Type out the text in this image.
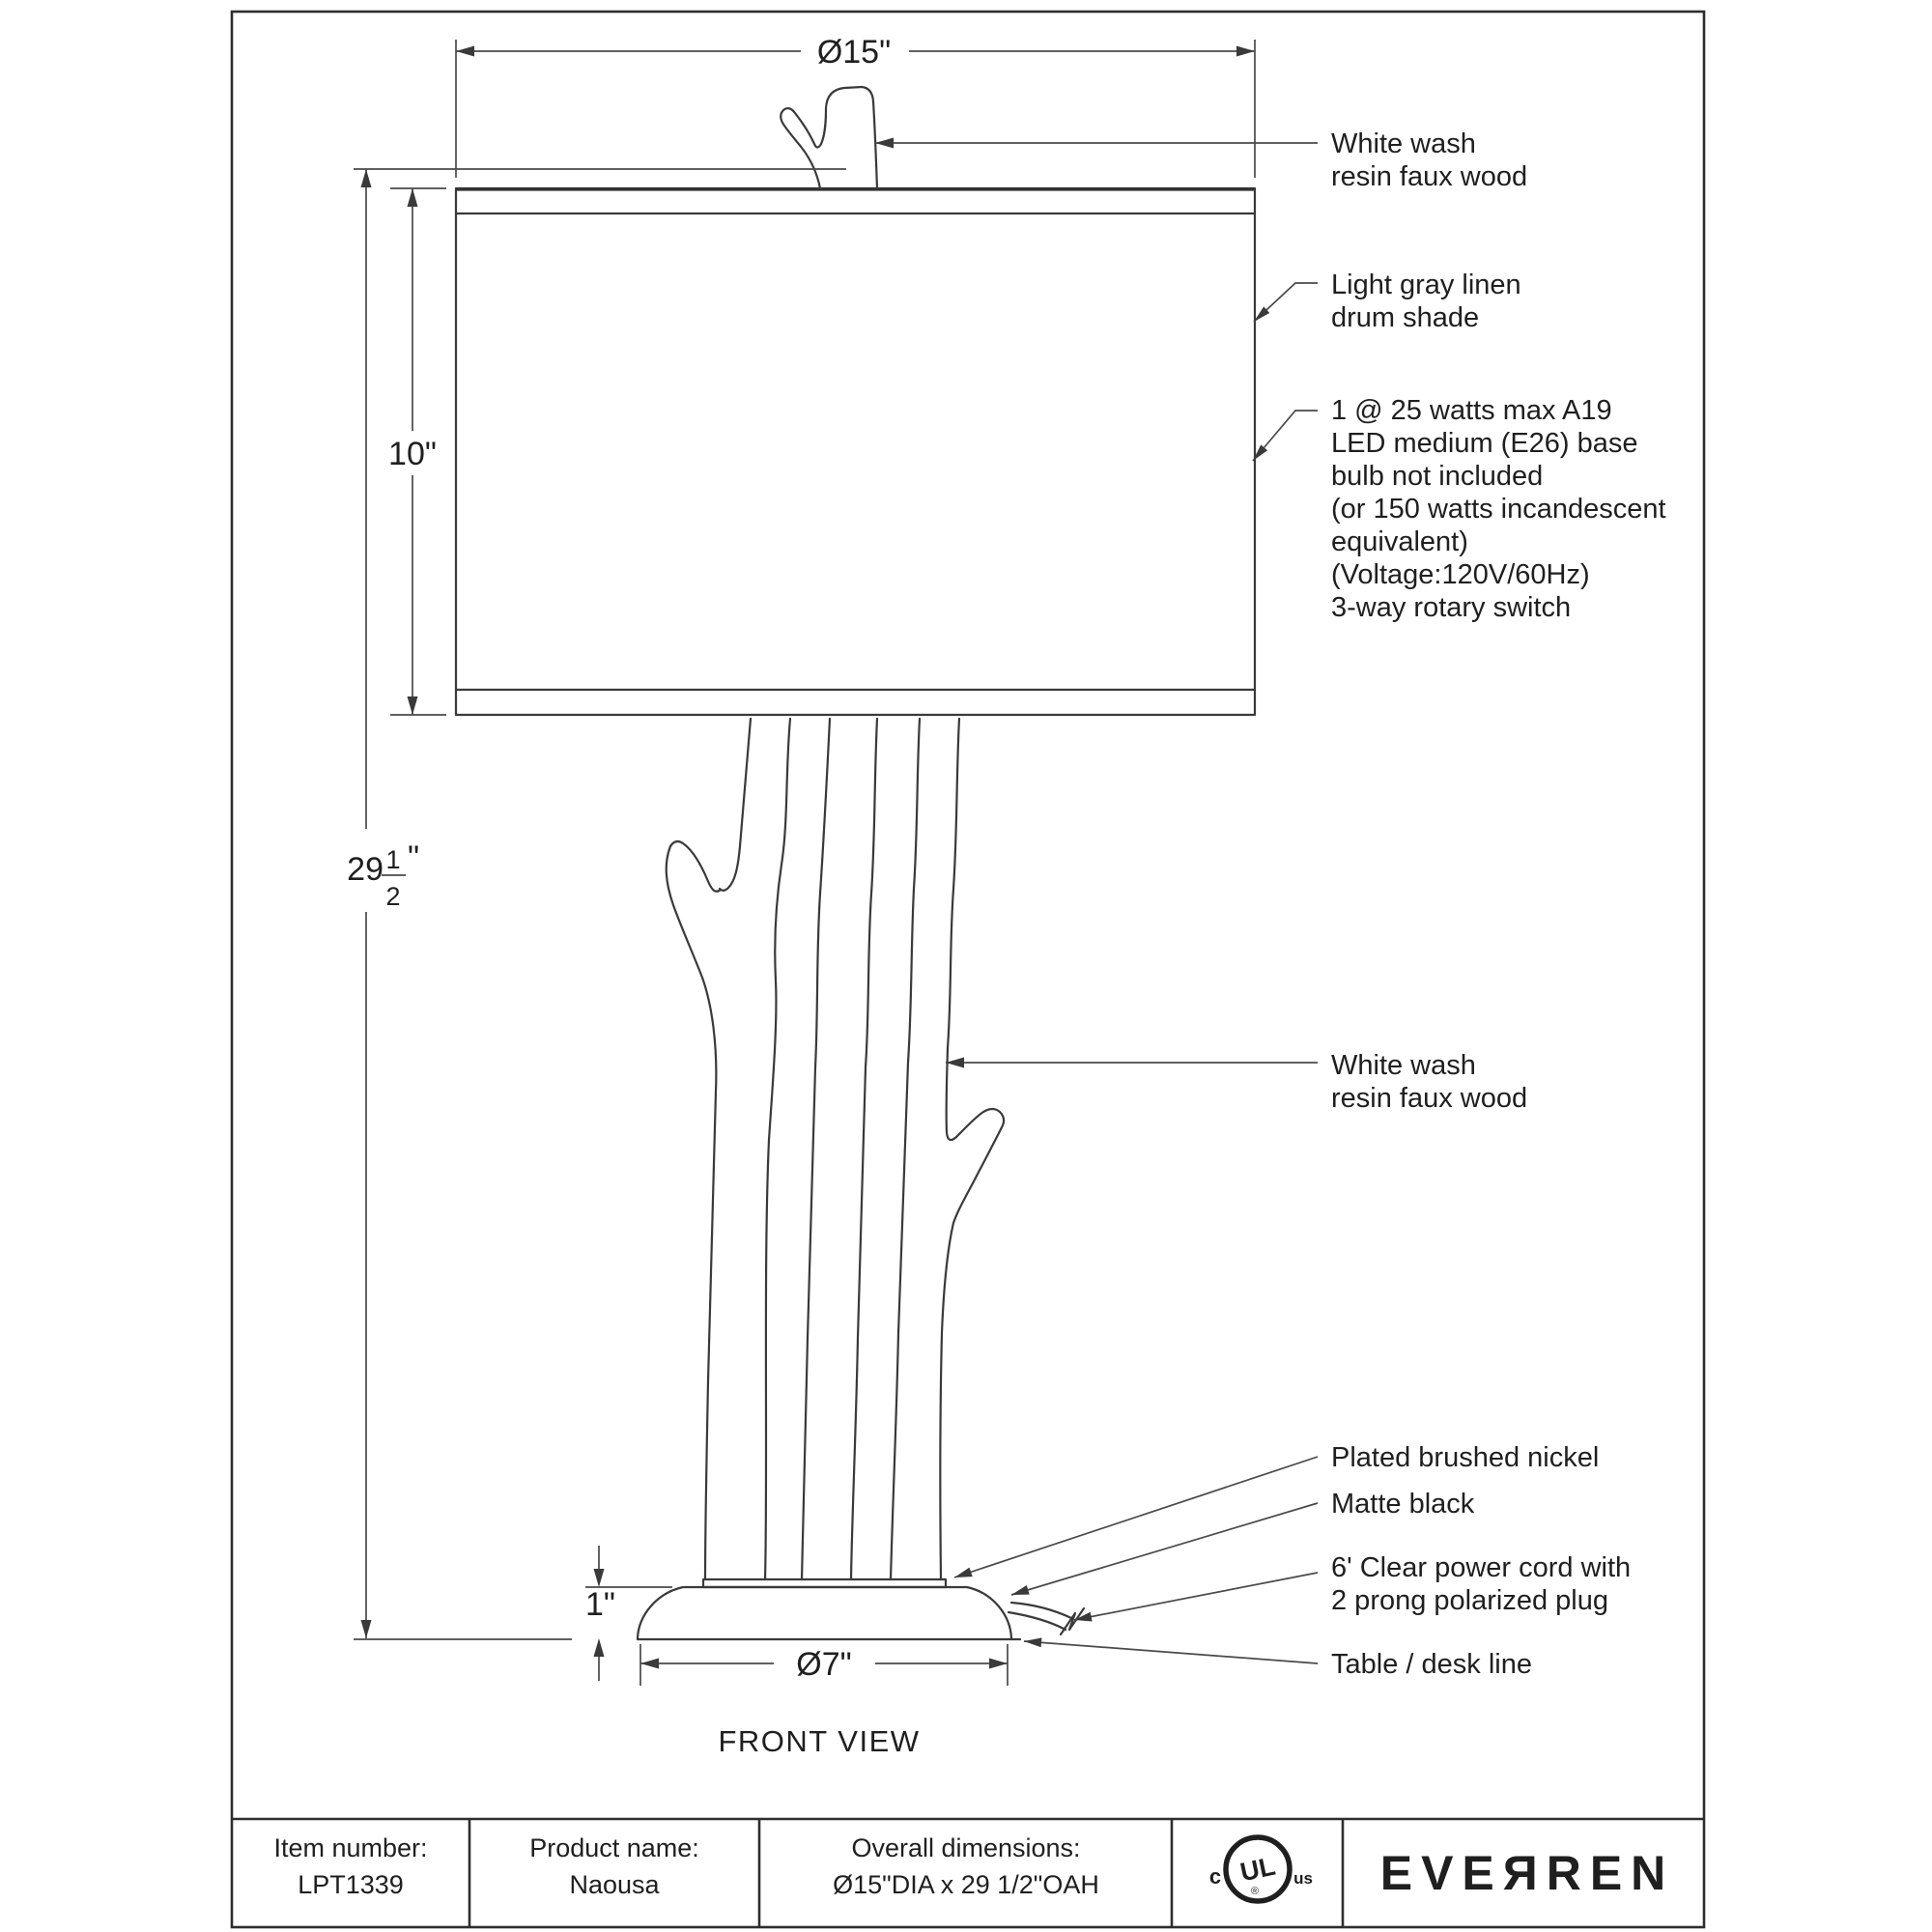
Ø15"
10"
29 1
2
"
1"
Ø7"
FRONT VIEW
White wash
resin faux wood
Light gray linen
drum shade
1 @ 25 watts max A19
LED medium (E26) base
bulb not included
(or 150 watts incandescent
equivalent)
(Voltage:120V/60Hz)
3-way rotary switch
White wash
resin faux wood
Plated brushed nickel
Matte black
6' Clear power cord with
2 prong polarized plug
Table / desk line
Item number:
LPT1339
Product name:
Naousa
Overall dimensions:
Ø15"DIA x 29 1/2"OAH	UL
®
c	us EVEЯREN
